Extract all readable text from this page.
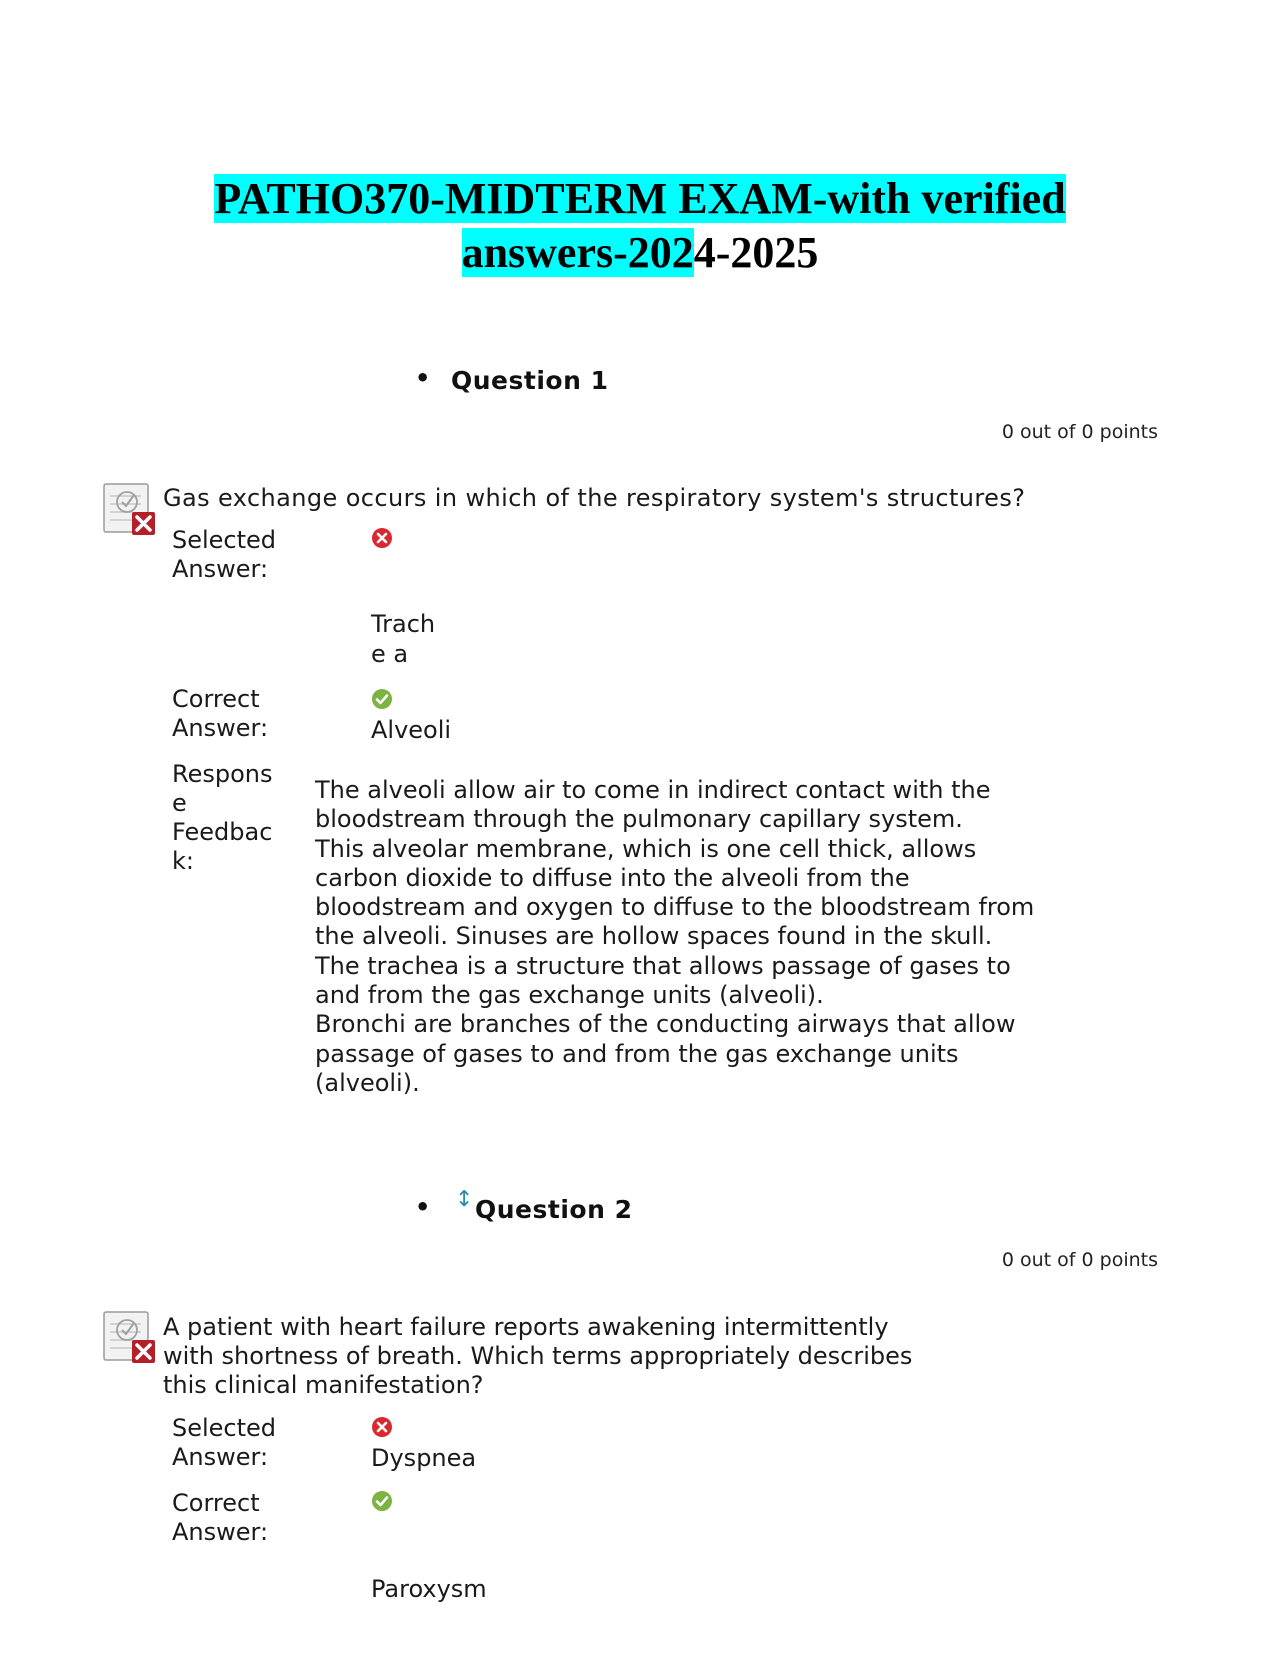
PATHO370-MIDTERM EXAM-with verified
answers-2024-2025
• Question 1
0 out of 0 points
Gas exchange occurs in which of the respiratory system's structures?
Selected
Answer:
Trach
e a
Correct
Answer:	Alveoli
Respons
e
Feedbac
k:

The alveoli allow air to come in indirect contact with the bloodstream through the pulmonary capillary system.

This alveolar membrane, which is one cell thick, allows carbon dioxide to diffuse into the alveoli from the bloodstream and oxygen to diffuse to the bloodstream from the alveoli. Sinuses are hollow spaces found in the skull. The trachea is a structure that allows passage of gases to and from the gas exchange units (alveoli).

Bronchi are branches of the conducting airways that allow passage of gases to and from the gas exchange units (alveoli).

• ↕ Question 2
0 out of 0 points
A patient with heart failure reports awakening intermittently
with shortness of breath. Which terms appropriately describes
this clinical manifestation?
Selected
Answer:	Dyspnea
Correct
Answer:
Paroxysm
